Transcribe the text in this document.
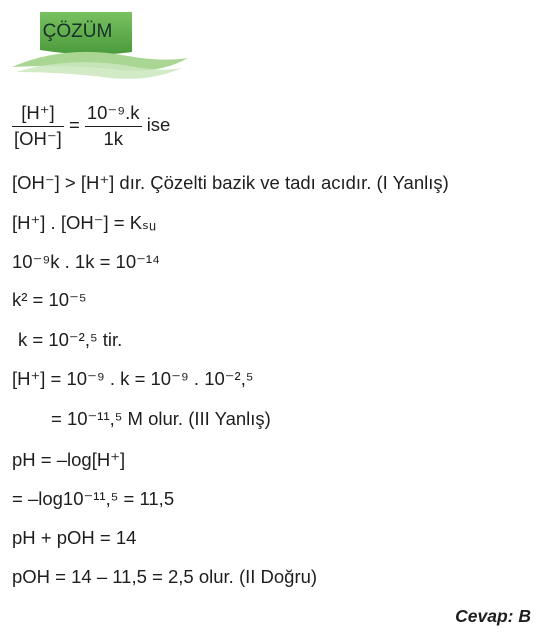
ÇÖZÜM
$\frac{[H^+]}{[OH^-]} = \frac{\text{10⁻⁹.k}}{1k}$ ise
[OH⁻] > [H⁺] dır. Çözelti bazik ve tadı acıdır. (I Yanlış)
[H⁺] . [OH⁻] = Kₛᵤ
10⁻⁹k . 1k = 10⁻¹⁴
k² = 10⁻⁵
k = 10⁻²,⁵ tir.
[H⁺] = 10⁻⁹ . k = 10⁻⁹ . 10⁻²,⁵
= 10⁻¹¹,⁵ M olur. (III Yanlış)
pH = –log[H⁺]
= –log10⁻¹¹,⁵ = 11,5
pH + pOH = 14
pOH = 14 – 11,5 = 2,5 olur. (II Doğru)
Cevap: B
